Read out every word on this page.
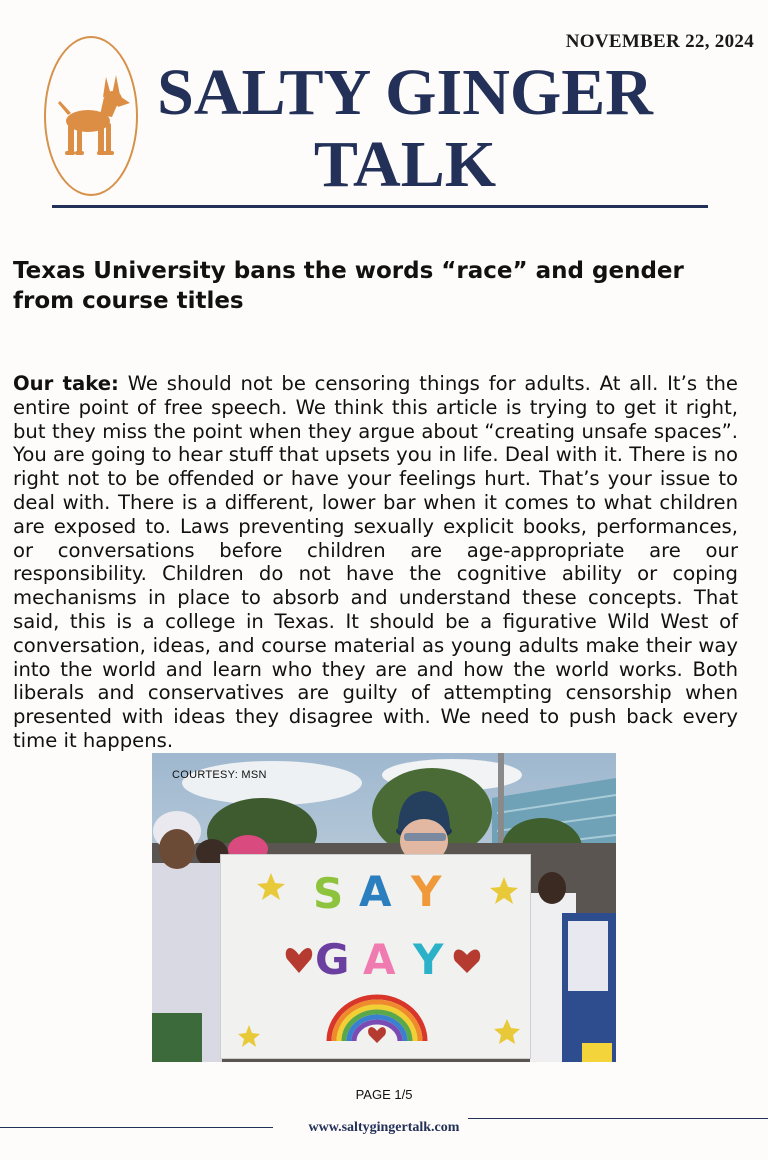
NOVEMBER 22, 2024
SALTY GINGER
TALK
Texas University bans the words “race” and gender from course titles

Our take: We should not be censoring things for adults. At all. It’s the entire point of free speech. We think this article is trying to get it right, but they miss the point when they argue about “creating unsafe spaces”. You are going to hear stuff that upsets you in life. Deal with it. There is no right not to be offended or have your feelings hurt. That’s your issue to deal with. There is a different, lower bar when it comes to what children are exposed to. Laws preventing sexually explicit books, performances, or conversations before children are age-appropriate are our responsibility. Children do not have the cognitive ability or coping mechanisms in place to absorb and understand these concepts. That said, this is a college in Texas. It should be a figurative Wild West of conversation, ideas, and course material as young adults make their way into the world and learn who they are and how the world works. Both liberals and conservatives are guilty of attempting censorship when presented with ideas they disagree with. We need to push back every time it happens.

COURTESY: MSN
S A Y
G A Y
PAGE 1/5
www.saltygingertalk.com
